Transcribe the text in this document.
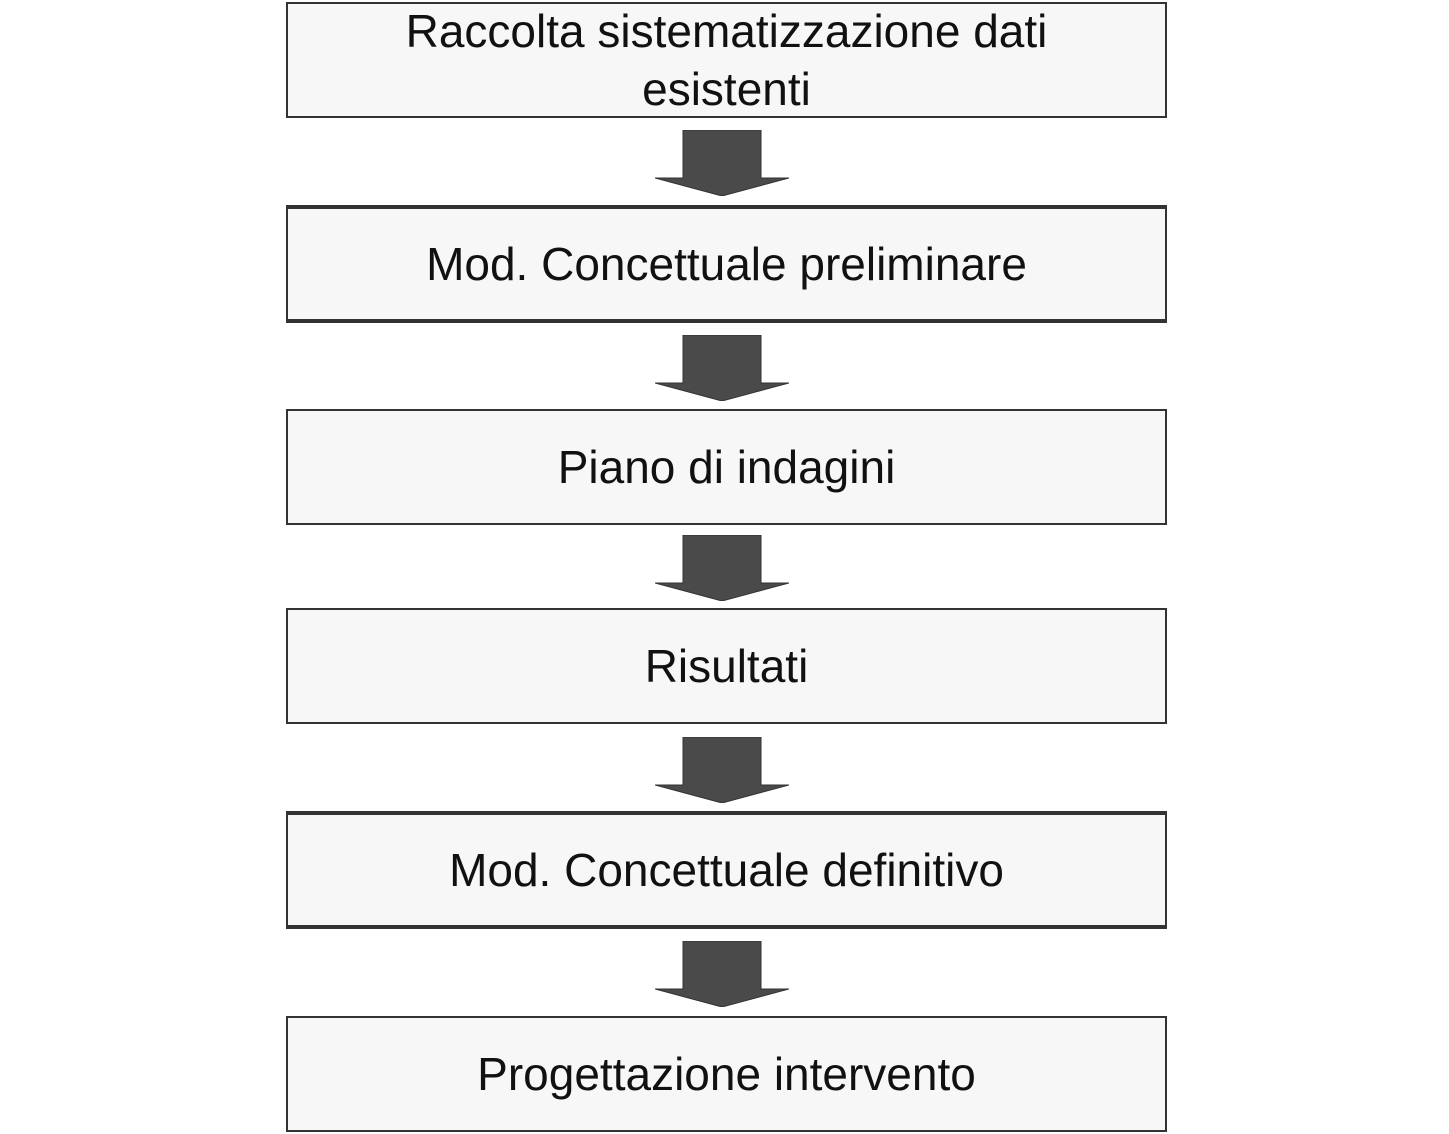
Raccolta sistematizzazione dati esistenti
Mod. Concettuale preliminare
Piano di indagini
Risultati
Mod. Concettuale definitivo
Progettazione intervento
